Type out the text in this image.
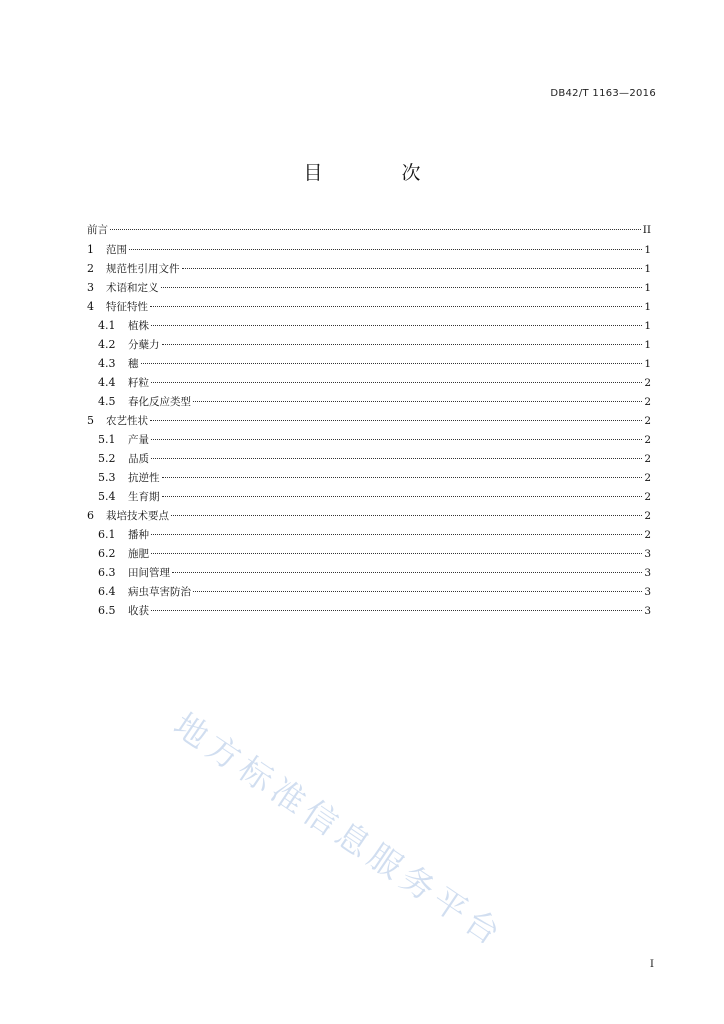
DB42/T 1163—2016
目　次
前言	II
1	范围	1
2	规范性引用文件	1
3	术语和定义	1
4	特征特性	1
4.1	植株	1
4.2	分蘖力	1
4.3	穗	1
4.4	籽粒	2
4.5	春化反应类型	2
5	农艺性状	2
5.1	产量	2
5.2	品质	2
5.3	抗逆性	2
5.4	生育期	2
6	栽培技术要点	2
6.1	播种	2
6.2	施肥	3
6.3	田间管理	3
6.4	病虫草害防治	3
6.5	收获	3
地方标准信息服务平台
I
